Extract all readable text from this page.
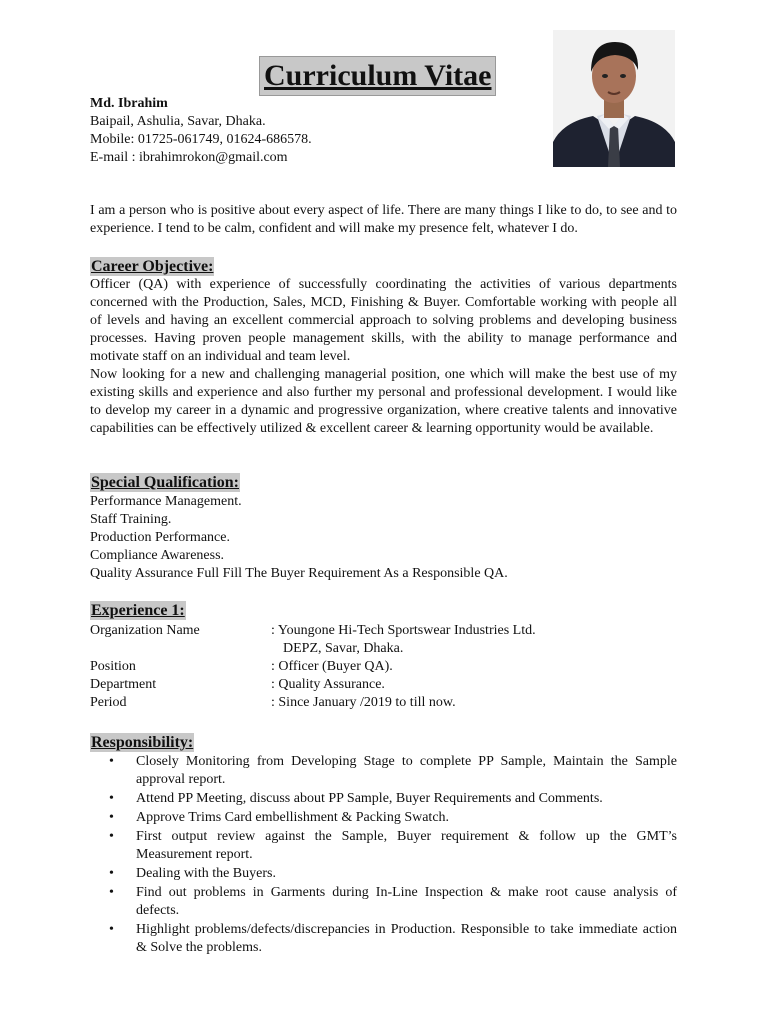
Curriculum Vitae
Md. Ibrahim
Baipail, Ashulia, Savar, Dhaka.
Mobile: 01725-061749, 01624-686578.
E-mail : ibrahimrokon@gmail.com
I am a person who is positive about every aspect of life. There are many things I like to do, to see and to experience. I tend to be calm, confident and will make my presence felt, whatever I do.
Career Objective:
Officer (QA) with experience of successfully coordinating the activities of various departments concerned with the Production, Sales, MCD, Finishing & Buyer. Comfortable working with people all of levels and having an excellent commercial approach to solving problems and developing business processes. Having proven people management skills, with the ability to manage performance and motivate staff on an individual and team level.
Now looking for a new and challenging managerial position, one which will make the best use of my existing skills and experience and also further my personal and professional development. I would like to develop my career in a dynamic and progressive organization, where creative talents and innovative capabilities can be effectively utilized & excellent career & learning opportunity would be available.
Special Qualification:
Performance Management.
Staff Training.
Production Performance.
Compliance Awareness.
Quality Assurance Full Fill The Buyer Requirement As a Responsible QA.
Experience 1:
Organization Name	: Youngone Hi-Tech Sportswear Industries Ltd.
DEPZ, Savar, Dhaka.
Position	: Officer (Buyer QA).
Department	: Quality Assurance.
Period	: Since January /2019 to till now.
Responsibility:
• Closely Monitoring from Developing Stage to complete PP Sample, Maintain the Sample approval report.
• Attend PP Meeting, discuss about PP Sample, Buyer Requirements and Comments.
• Approve Trims Card embellishment & Packing Swatch.
• First output review against the Sample, Buyer requirement & follow up the GMT’s Measurement report.
• Dealing with the Buyers.
• Find out problems in Garments during In-Line Inspection & make root cause analysis of defects.
• Highlight problems/defects/discrepancies in Production. Responsible to take immediate action & Solve the problems.
